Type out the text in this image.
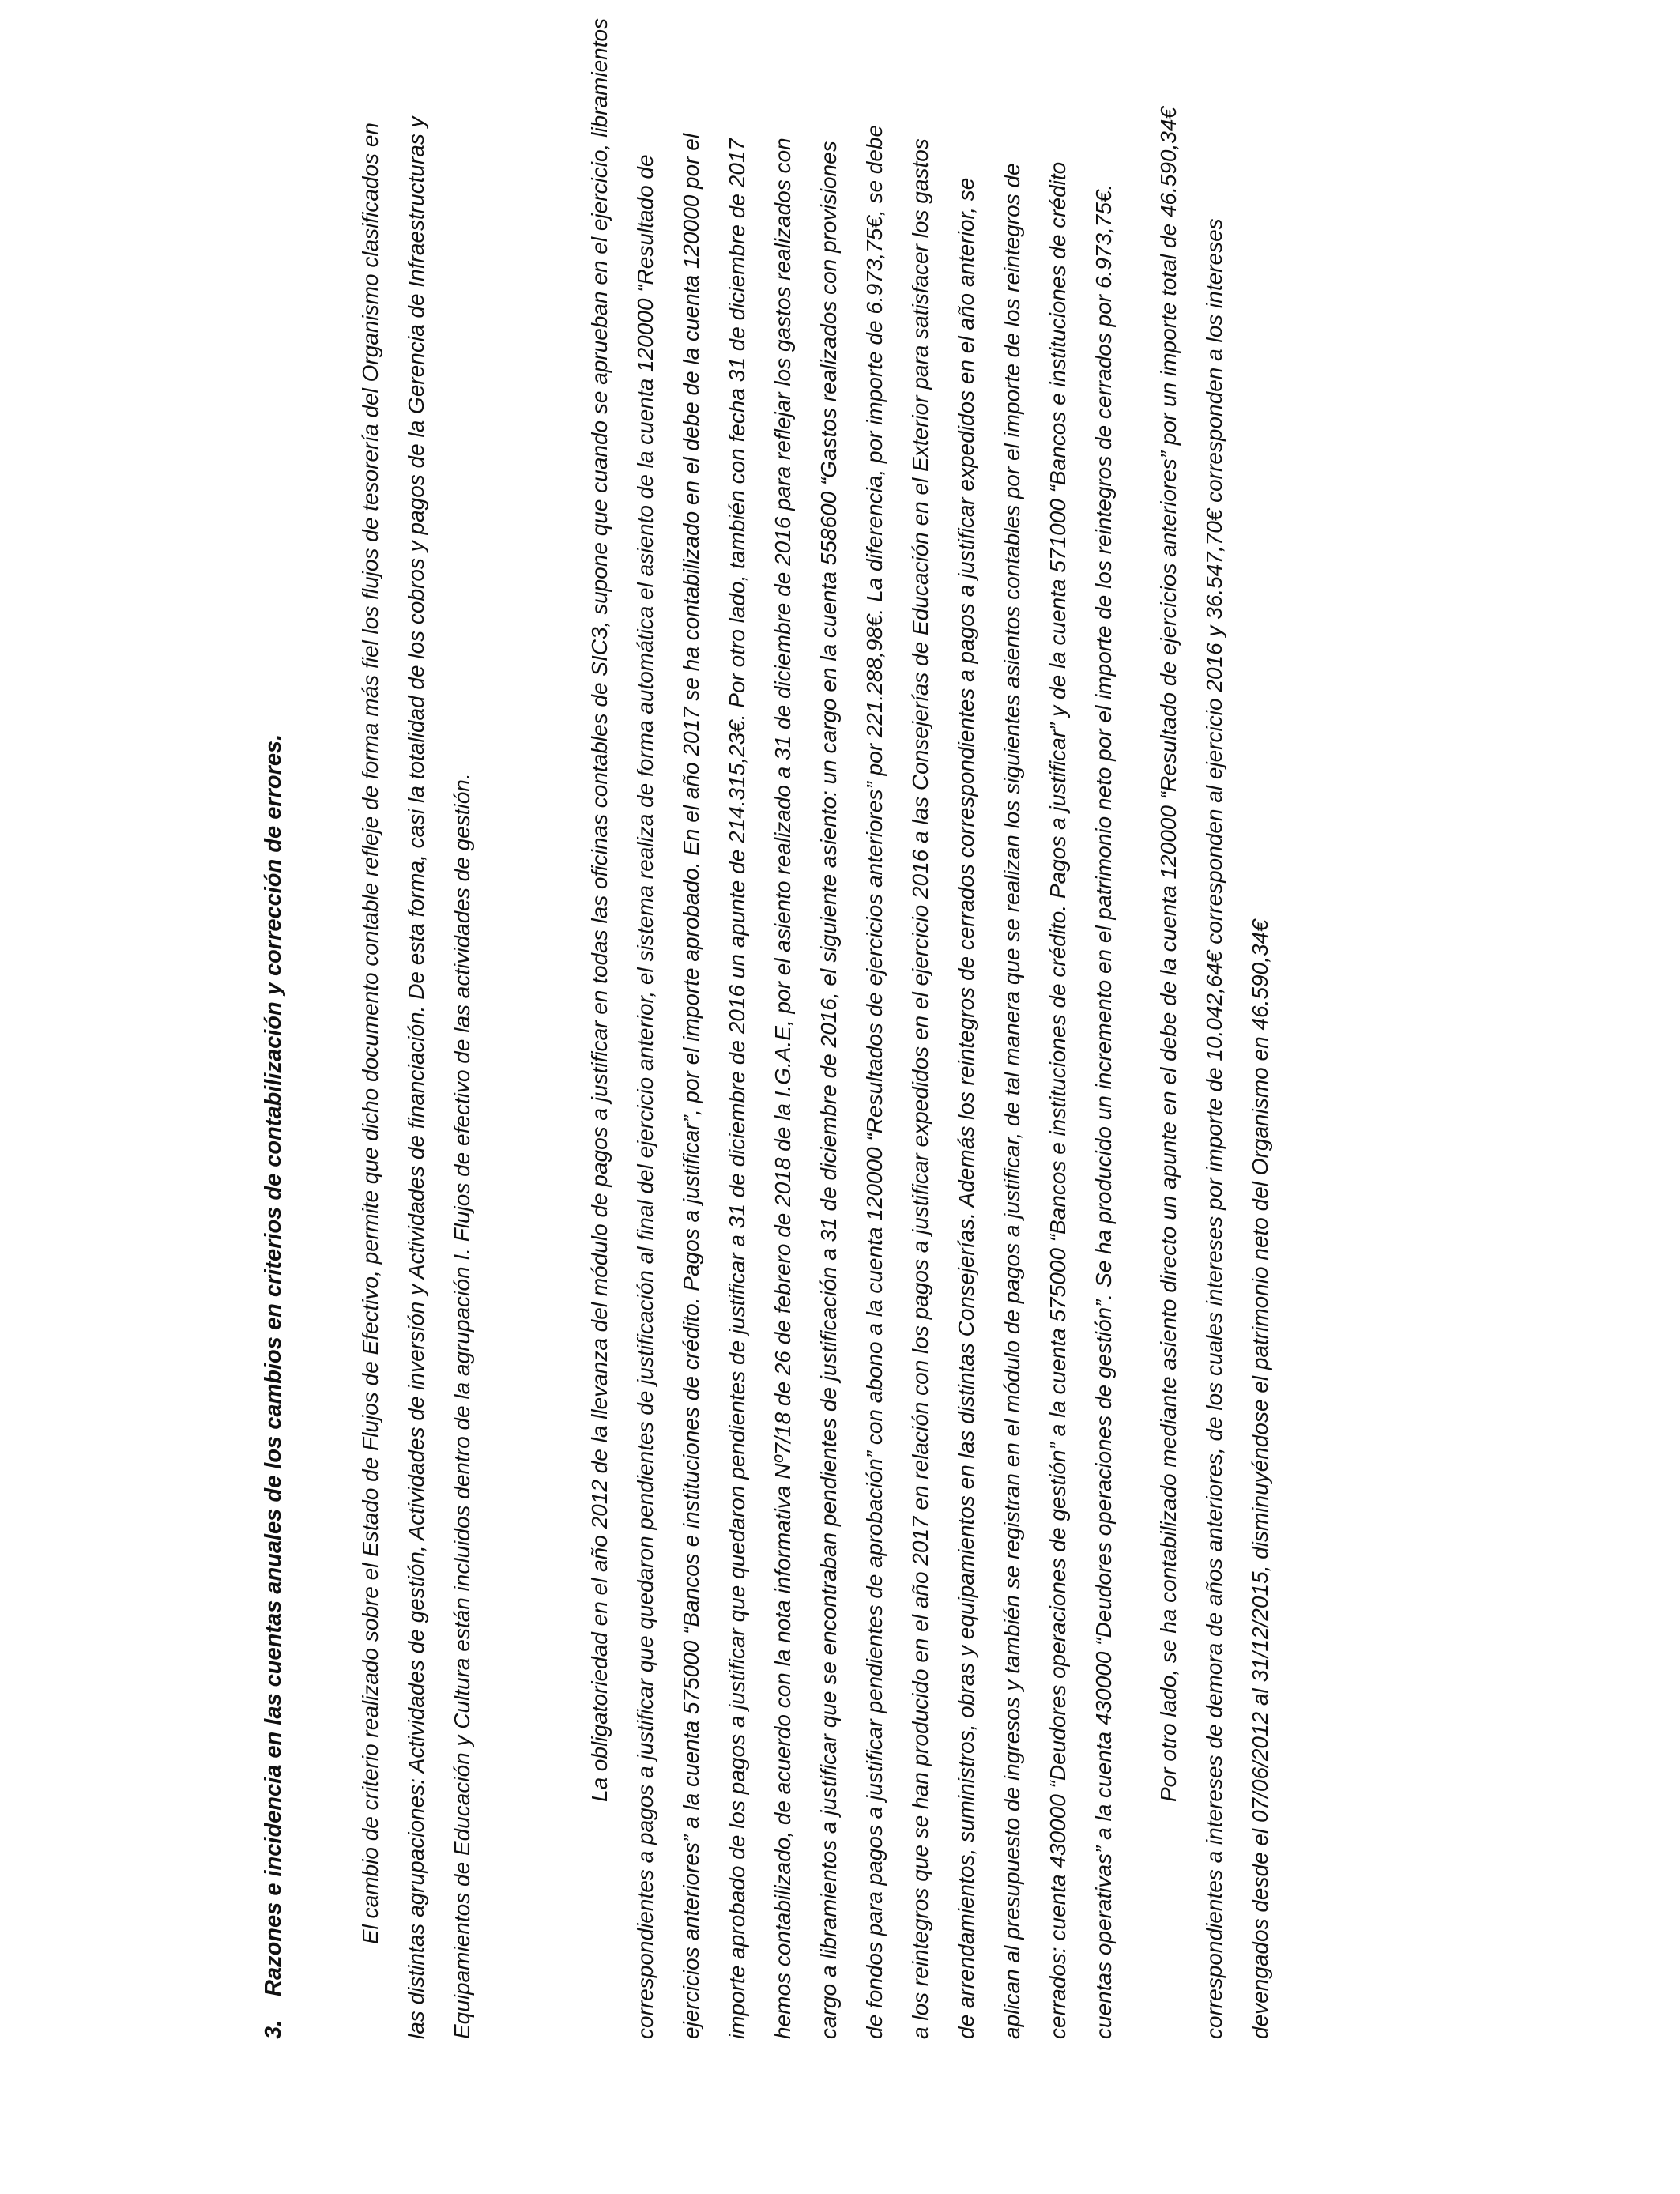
3.Razones e incidencia en las cuentas anuales de los cambios en criterios de contabilización y corrección de errores.	El cambio de criterio realizado sobre el Estado de Flujos de Efectivo, permite que dicho documento contable refleje de forma más fiel los flujos de tesorería del Organismo clasificados en las distintas agrupaciones: Actividades de gestión, Actividades de inversión y Actividades de financiación. De esta forma, casi la totalidad de los cobros y pagos de la Gerencia de Infraestructuras y Equipamientos de Educación y Cultura están incluidos dentro de la agrupación I. Flujos de efectivo de las actividades de gestión.	La obligatoriedad en el año 2012 de la llevanza del módulo de pagos a justificar en todas las oficinas contables de SIC3, supone que cuando se aprueban en el ejercicio, libramientos correspondientes a pagos a justificar que quedaron pendientes de justificación al final del ejercicio anterior, el sistema realiza de forma automática el asiento de la cuenta 120000 “Resultado de ejercicios anteriores” a la cuenta 575000 “Bancos e instituciones de crédito. Pagos a justificar”, por el importe aprobado. En el año 2017 se ha contabilizado en el debe de la cuenta 120000 por el importe aprobado de los pagos a justificar que quedaron pendientes de justificar a 31 de diciembre de 2016 un apunte de 214.315,23€. Por otro lado, también con fecha 31 de diciembre de 2017 hemos contabilizado, de acuerdo con la nota informativa Nº7/18 de 26 de febrero de 2018 de la I.G.A.E, por el asiento realizado a 31 de diciembre de 2016 para reflejar los gastos realizados con cargo a libramientos a justificar que se encontraban pendientes de justificación a 31 de diciembre de 2016, el siguiente asiento: un cargo en la cuenta 558600 “Gastos realizados con provisiones de fondos para pagos a justificar pendientes de aprobación” con abono a la cuenta 120000 “Resultados de ejercicios anteriores” por 221.288,98€. La diferencia, por importe de 6.973,75€, se debe a los reintegros que se han producido en el año 2017 en relación con los pagos a justificar expedidos en el ejercicio 2016 a las Consejerías de Educación en el Exterior para satisfacer los gastos de arrendamientos, suministros, obras y equipamientos en las distintas Consejerías. Además los reintegros de cerrados correspondientes a pagos a justificar expedidos en el año anterior, se aplican al presupuesto de ingresos y también se registran en el módulo de pagos a justificar, de tal manera que se realizan los siguientes asientos contables por el importe de los reintegros de cerrados: cuenta 430000 “Deudores operaciones de gestión” a la cuenta 575000 “Bancos e instituciones de crédito. Pagos a justificar” y de la cuenta 571000 “Bancos e instituciones de crédito cuentas operativas” a la cuenta 430000 “Deudores operaciones de gestión”. Se ha producido un incremento en el patrimonio neto por el importe de los reintegros de cerrados por 6.973,75€.	Por otro lado, se ha contabilizado mediante asiento directo un apunte en el debe de la cuenta 120000 “Resultado de ejercicios anteriores” por un importe total de 46.590,34€ correspondientes a intereses de demora de años anteriores, de los cuales intereses por importe de 10.042,64€ corresponden al ejercicio 2016 y 36.547,70€ corresponden a los intereses devengados desde el 07/06/2012 al 31/12/2015, disminuyéndose el patrimonio neto del Organismo en 46.590,34€
